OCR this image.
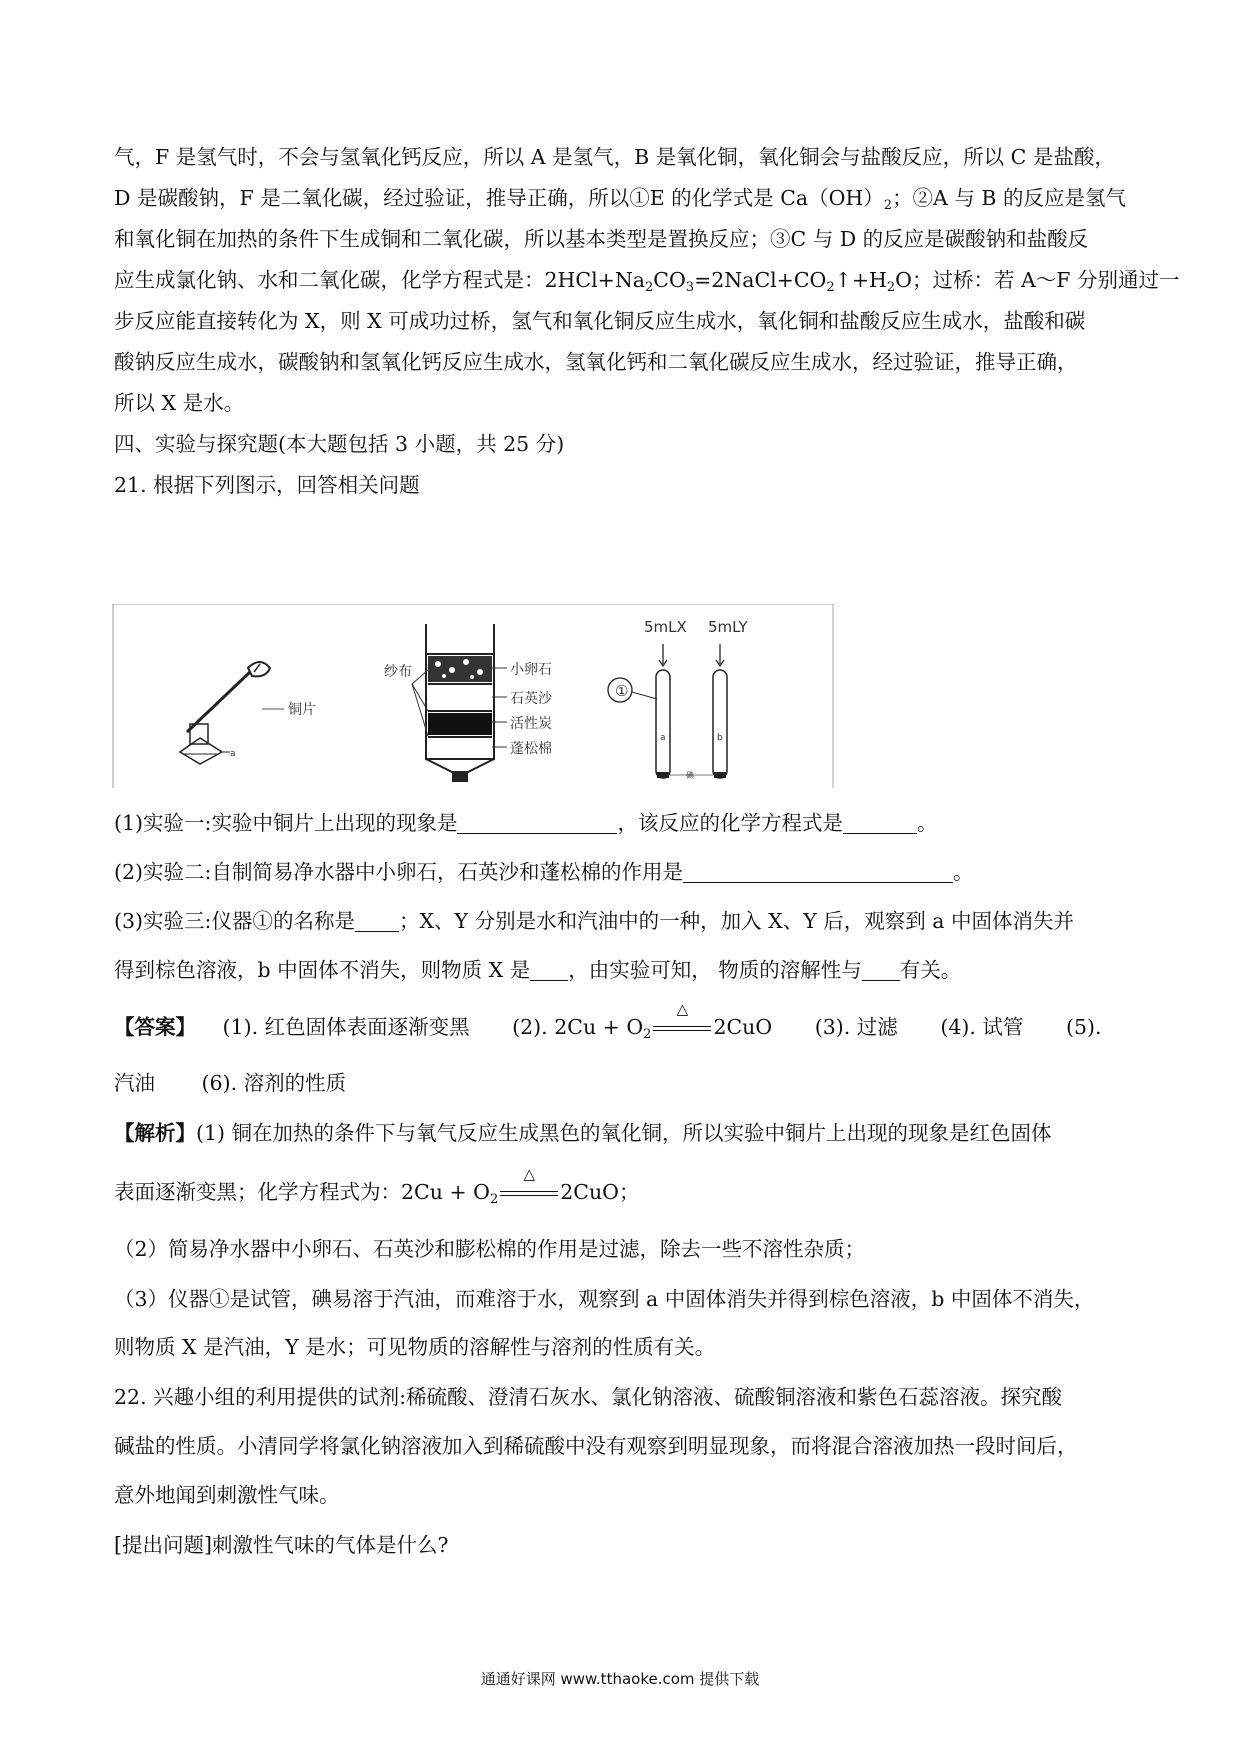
气，F 是氢气时，不会与氢氧化钙反应，所以 A 是氢气，B 是氧化铜，氧化铜会与盐酸反应，所以 C 是盐酸，
D 是碳酸钠，F 是二氧化碳，经过验证，推导正确，所以①E 的化学式是 $Ca(OH)_2$；②A 与 B 的反应是氢气
和氧化铜在加热的条件下生成铜和二氧化碳，所以基本类型是置换反应；③C 与 D 的反应是碳酸钠和盐酸反
应生成氯化钠、水和二氧化碳，化学方程式是：$2HCl+Na_2CO_3=2NaCl+CO_2↑+H_2O$；过桥：若 A～F 分别通过一
步反应能直接转化为 X，则 X 可成功过桥，氢气和氧化铜反应生成水，氧化铜和盐酸反应生成水，盐酸和碳
酸钠反应生成水，碳酸钠和氢氧化钙反应生成水，氢氧化钙和二氧化碳反应生成水，经过验证，推导正确，
所以 X 是水。
四、实验与探究题(本大题包括 3 小题，共 25 分)
21. 根据下列图示，回答相关问题
铜片
a
纱布	小卵石
石英沙
活性炭
蓬松棉
5mLX 5mLY
a	b
碘
①
(1)实验一:实验中铜片上出现的现象是	，该反应的化学方程式是	。
(2)实验二:自制简易净水器中小卵石，石英沙和蓬松棉的作用是	。
(3)实验三:仪器①的名称是 ；X、Y 分别是水和汽油中的一种，加入 X、Y 后，观察到 a 中固体消失并
得到棕色溶液，b 中固体不消失，则物质 X 是 ，由实验可知， 物质的溶解性与 有关。
【答案】 (1). 红色固体表面逐渐变黑 (2). $2Cu + O_2$
△
2CuO (3). 过滤 (4). 试管 (5).
汽油 (6). 溶剂的性质
【解析】(1) 铜在加热的条件下与氧气反应生成黑色的氧化铜，所以实验中铜片上出现的现象是红色固体
表面逐渐变黑；化学方程式为：$2Cu + O_2$
△
2CuO；
（2）简易净水器中小卵石、石英沙和膨松棉的作用是过滤，除去一些不溶性杂质；
（3）仪器①是试管，碘易溶于汽油，而难溶于水，观察到 a 中固体消失并得到棕色溶液，b 中固体不消失，
则物质 X 是汽油，Y 是水；可见物质的溶解性与溶剂的性质有关。
22. 兴趣小组的利用提供的试剂:稀硫酸、澄清石灰水、氯化钠溶液、硫酸铜溶液和紫色石蕊溶液。探究酸
碱盐的性质。小清同学将氯化钠溶液加入到稀硫酸中没有观察到明显现象，而将混合溶液加热一段时间后，
意外地闻到刺激性气味。
[提出问题]刺激性气味的气体是什么?
通通好课网 www.tthaoke.com 提供下载
